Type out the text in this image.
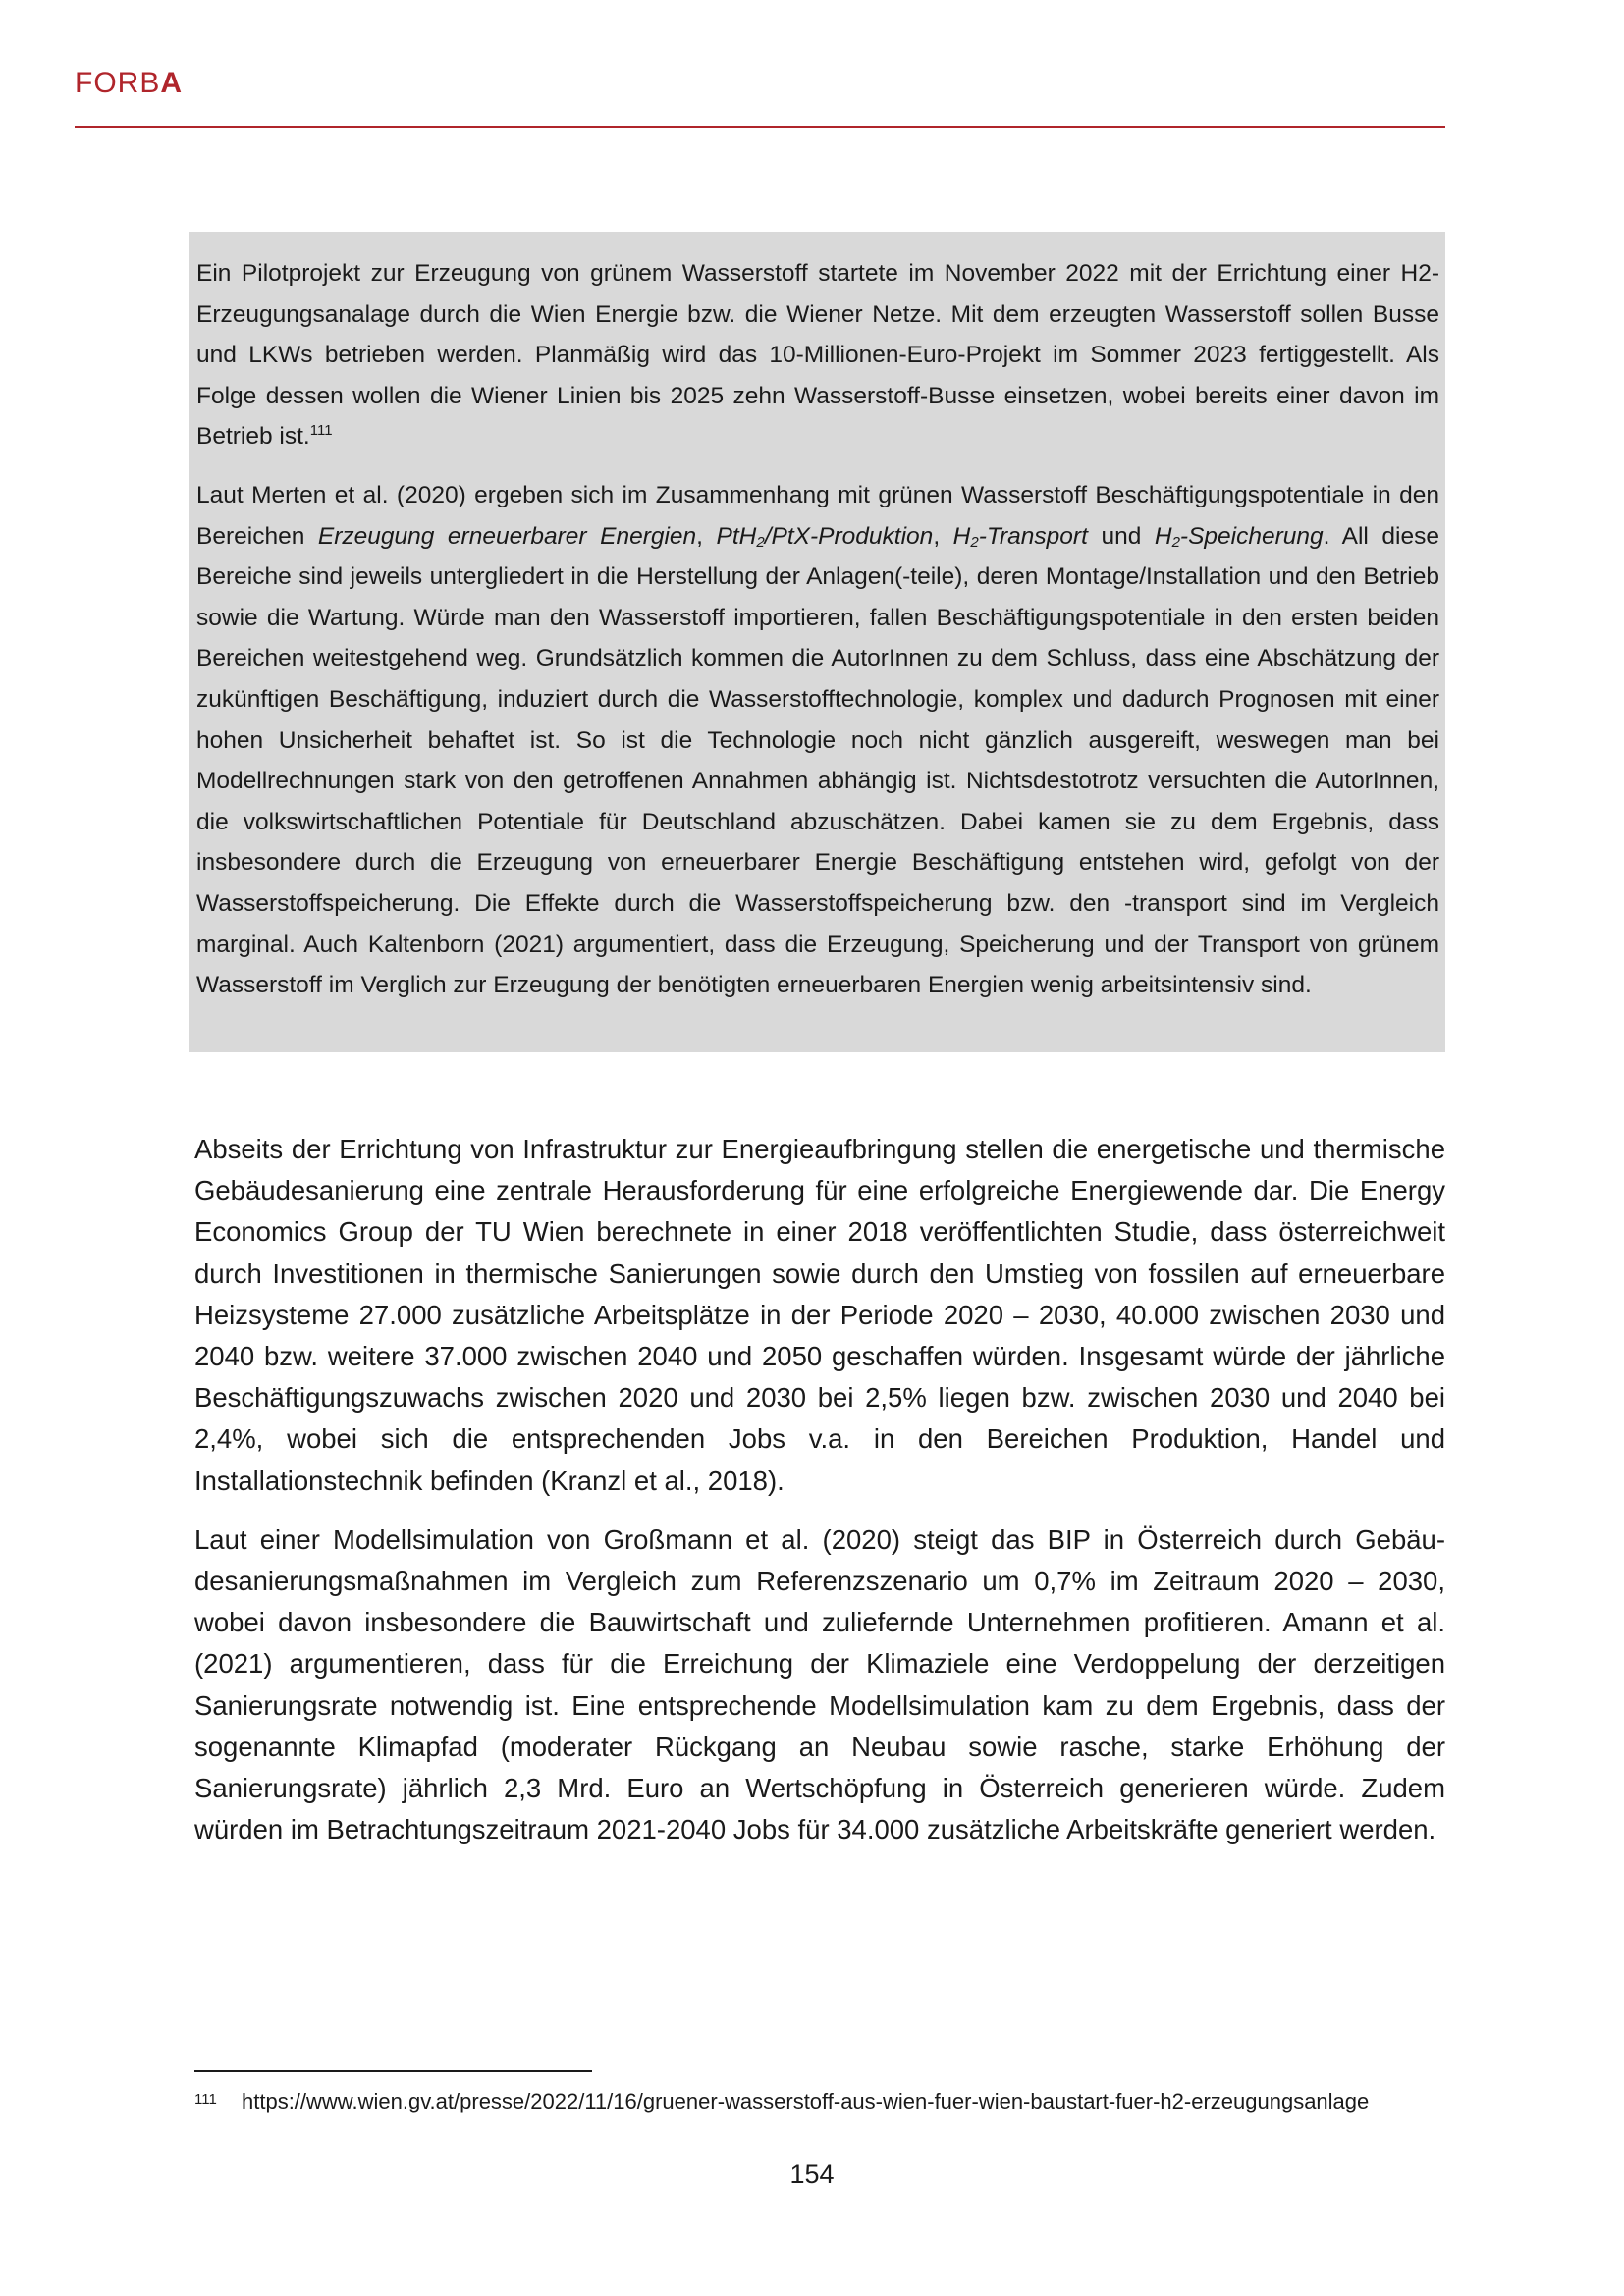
FORBA

Ein Pilotprojekt zur Erzeugung von grünem Wasserstoff startete im November 2022 mit der Errichtung einer H2-Erzeugungsanalage durch die Wien Energie bzw. die Wiener Netze. Mit dem erzeugten Wasserstoff sollen Busse und LKWs betrieben werden. Planmäßig wird das 10-Millionen-Euro-Projekt im Sommer 2023 fertiggestellt. Als Folge dessen wollen die Wiener Linien bis 2025 zehn Wasserstoff-Busse einsetzen, wobei bereits einer davon im Betrieb ist.$^{111}$

Laut Merten et al. (2020) ergeben sich im Zusammenhang mit grünen Wasserstoff Beschäftigungspotentiale in den Bereichen Erzeugung erneuerbarer Energien, PtH$_2$/PtX-Produktion, $H_2$-Transport und $H_2$-Speicherung. All diese Bereiche sind jeweils untergliedert in die Herstellung der Anlagen(-teile), deren Montage/Installation und den Betrieb sowie die Wartung. Würde man den Wasserstoff importieren, fallen Beschäftigungspotentiale in den ersten beiden Bereichen weitestgehend weg. Grundsätzlich kommen die AutorInnen zu dem Schluss, dass eine Abschätzung der zukünftigen Beschäftigung, induziert durch die Wasserstofftechnologie, komplex und dadurch Prognosen mit einer hohen Unsicherheit behaftet ist. So ist die Technologie noch nicht gänzlich ausgereift, weswegen man bei Modellrechnungen stark von den getroffenen Annahmen abhängig ist. Nichtsdestotrotz versuchten die AutorInnen, die volkswirtschaftlichen Potentiale für Deutschland abzuschätzen. Dabei kamen sie zu dem Ergebnis, dass insbesondere durch die Erzeugung von erneuerbarer Energie Beschäftigung entstehen wird, gefolgt von der Wasserstoffspeicherung. Die Effekte durch die Wasserstoffspeicherung bzw. den -transport sind im Vergleich marginal. Auch Kaltenborn (2021) argumentiert, dass die Erzeugung, Speicherung und der Transport von grünem Wasserstoff im Verglich zur Erzeugung der benötigten erneuerbaren Energien wenig arbeitsintensiv sind.

Abseits der Errichtung von Infrastruktur zur Energieaufbringung stellen die energetische und thermische Gebäudesanierung eine zentrale Herausforderung für eine erfolgreiche Energiewende dar. Die Energy Economics Group der TU Wien berechnete in einer 2018 veröffentlichten Studie, dass österreichweit durch Investitionen in thermische Sanierungen sowie durch den Umstieg von fossilen auf erneuerbare Heizsysteme 27.000 zusätzliche Arbeitsplätze in der Periode 2020 – 2030, 40.000 zwischen 2030 und 2040 bzw. weitere 37.000 zwischen 2040 und 2050 geschaffen würden. Insgesamt würde der jährliche Beschäftigungszuwachs zwischen 2020 und 2030 bei 2,5% liegen bzw. zwischen 2030 und 2040 bei 2,4%, wobei sich die entsprechenden Jobs v.a. in den Bereichen Produktion, Handel und Installationstechnik befinden (Kranzl et al., 2018).

Laut einer Modellsimulation von Großmann et al. (2020) steigt das BIP in Österreich durch Gebäudesanierungsmaßnahmen im Vergleich zum Referenzszenario um 0,7% im Zeitraum 2020 – 2030, wobei davon insbesondere die Bauwirtschaft und zuliefernde Unternehmen profitieren. Amann et al. (2021) argumentieren, dass für die Erreichung der Klimaziele eine Verdoppelung der derzeitigen Sanierungsrate notwendig ist. Eine entsprechende Modellsimulation kam zu dem Ergebnis, dass der sogenannte Klimapfad (moderater Rückgang an Neubau sowie rasche, starke Erhöhung der Sanierungsrate) jährlich 2,3 Mrd. Euro an Wertschöpfung in Österreich generieren würde. Zudem würden im Betrachtungszeitraum 2021-2040 Jobs für 34.000 zusätzliche Arbeitskräfte generiert werden.

111 https://www.wien.gv.at/presse/2022/11/16/gruener-wasserstoff-aus-wien-fuer-wien-baustart-fuer-h2-erzeugungsanlage
154
